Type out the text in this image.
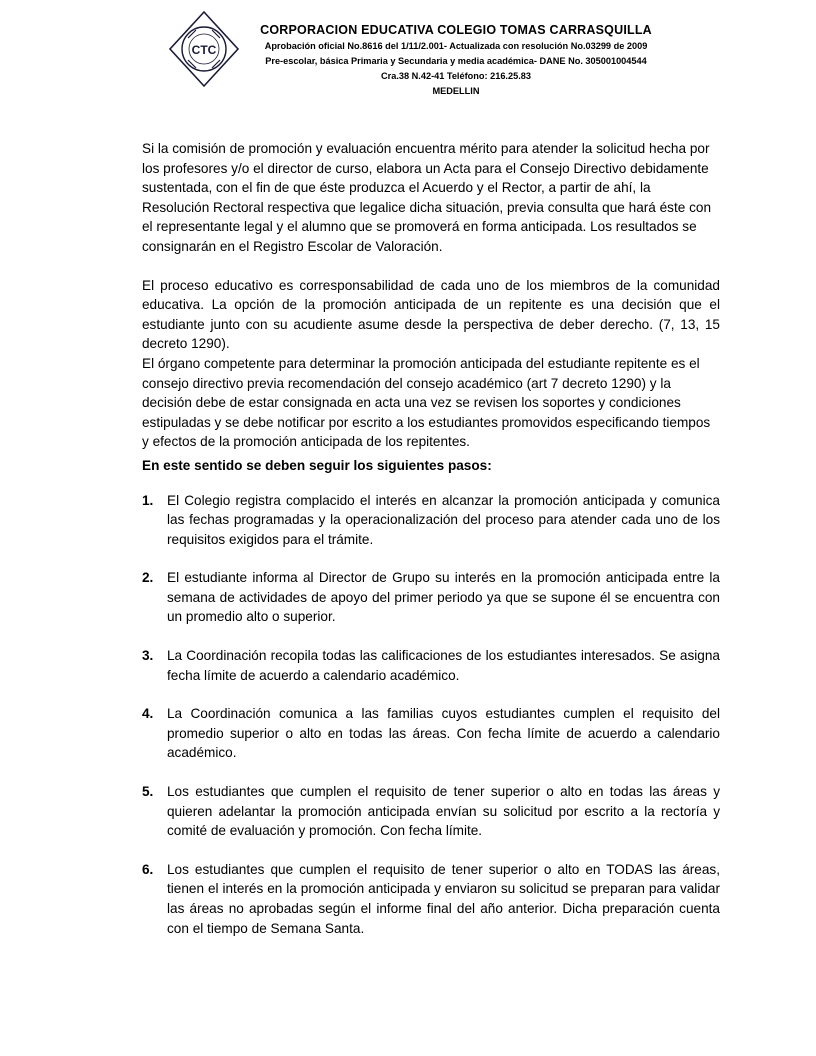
CTC
CORPORACION EDUCATIVA COLEGIO TOMAS CARRASQUILLA
Aprobación oficial No.8616 del 1/11/2.001- Actualizada con resolución No.03299 de 2009
Pre-escolar, básica Primaria y Secundaria y media académica- DANE No. 305001004544
Cra.38 N.42-41 Teléfono: 216.25.83
MEDELLIN

Si la comisión de promoción y evaluación encuentra mérito para atender la solicitud hecha por los profesores y/o el director de curso, elabora un Acta para el Consejo Directivo debidamente sustentada, con el fin de que éste produzca el Acuerdo y el Rector, a partir de ahí, la Resolución Rectoral respectiva que legalice dicha situación, previa consulta que hará éste con el representante legal y el alumno que se promoverá en forma anticipada. Los resultados se consignarán en el Registro Escolar de Valoración.

El proceso educativo es corresponsabilidad de cada uno de los miembros de la comunidad educativa. La opción de la promoción anticipada de un repitente es una decisión que el estudiante junto con su acudiente asume desde la perspectiva de deber derecho. (7, 13, 15 decreto 1290).

El órgano competente para determinar la promoción anticipada del estudiante repitente es el consejo directivo previa recomendación del consejo académico (art 7 decreto 1290) y la decisión debe de estar consignada en acta una vez se revisen los soportes y condiciones estipuladas y se debe notificar por escrito a los estudiantes promovidos especificando tiempos y efectos de la promoción anticipada de los repitentes.

En este sentido se deben seguir los siguientes pasos:

1. El Colegio registra complacido el interés en alcanzar la promoción anticipada y comunica las fechas programadas y la operacionalización del proceso para atender cada uno de los requisitos exigidos para el trámite.
2. El estudiante informa al Director de Grupo su interés en la promoción anticipada entre la semana de actividades de apoyo del primer periodo ya que se supone él se encuentra con un promedio alto o superior.
3. La Coordinación recopila todas las calificaciones de los estudiantes interesados. Se asigna fecha límite de acuerdo a calendario académico.
4. La Coordinación comunica a las familias cuyos estudiantes cumplen el requisito del promedio superior o alto en todas las áreas. Con fecha límite de acuerdo a calendario académico.
5. Los estudiantes que cumplen el requisito de tener superior o alto en todas las áreas y quieren adelantar la promoción anticipada envían su solicitud por escrito a la rectoría y comité de evaluación y promoción. Con fecha límite.
6. Los estudiantes que cumplen el requisito de tener superior o alto en TODAS las áreas, tienen el interés en la promoción anticipada y enviaron su solicitud se preparan para validar las áreas no aprobadas según el informe final del año anterior. Dicha preparación cuenta con el tiempo de Semana Santa.
